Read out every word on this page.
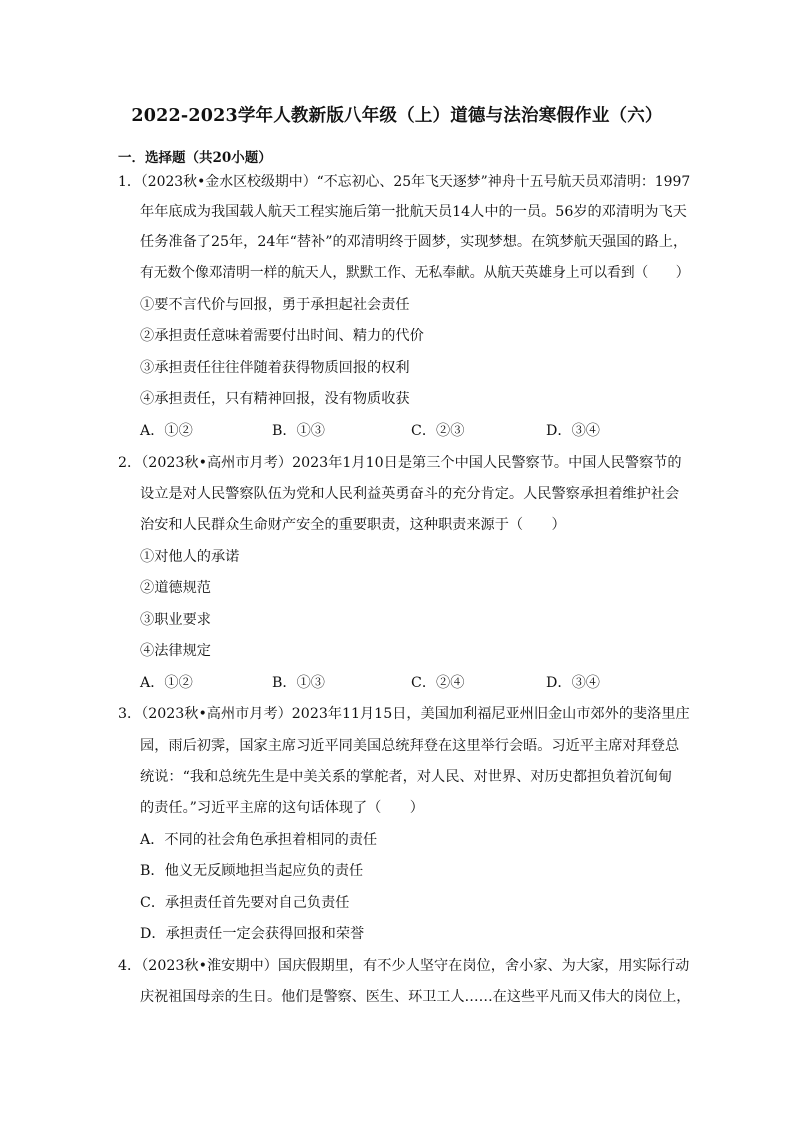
2022-2023学年人教新版八年级（上）道德与法治寒假作业（六）
一．选择题（共20小题）
1．（2023秋•金水区校级期中）“不忘初心、25年飞天逐梦”神舟十五号航天员邓清明：1997
年年底成为我国载人航天工程实施后第一批航天员14人中的一员。56岁的邓清明为飞天
任务准备了25年，24年“替补”的邓清明终于圆梦，实现梦想。在筑梦航天强国的路上，
有无数个像邓清明一样的航天人，默默工作、无私奉献。从航天英雄身上可以看到（　　）
①要不言代价与回报，勇于承担起社会责任
②承担责任意味着需要付出时间、精力的代价
③承担责任往往伴随着获得物质回报的权利
④承担责任，只有精神回报，没有物质收获
A．①②	B．①③	C．②③	D．③④
2．（2023秋•高州市月考）2023年1月10日是第三个中国人民警察节。中国人民警察节的
设立是对人民警察队伍为党和人民利益英勇奋斗的充分肯定。人民警察承担着维护社会
治安和人民群众生命财产安全的重要职责，这种职责来源于（　　）
①对他人的承诺
②道德规范
③职业要求
④法律规定
A．①②	B．①③	C．②④	D．③④
3．（2023秋•高州市月考）2023年11月15日，美国加利福尼亚州旧金山市郊外的斐洛里庄
园，雨后初霁，国家主席习近平同美国总统拜登在这里举行会晤。习近平主席对拜登总
统说：“我和总统先生是中美关系的掌舵者，对人民、对世界、对历史都担负着沉甸甸
的责任。”习近平主席的这句话体现了（　　）
A．不同的社会角色承担着相同的责任
B．他义无反顾地担当起应负的责任
C．承担责任首先要对自己负责任
D．承担责任一定会获得回报和荣誉
4．（2023秋•淮安期中）国庆假期里，有不少人坚守在岗位，舍小家、为大家，用实际行动
庆祝祖国母亲的生日。他们是警察、医生、环卫工人……在这些平凡而又伟大的岗位上，
